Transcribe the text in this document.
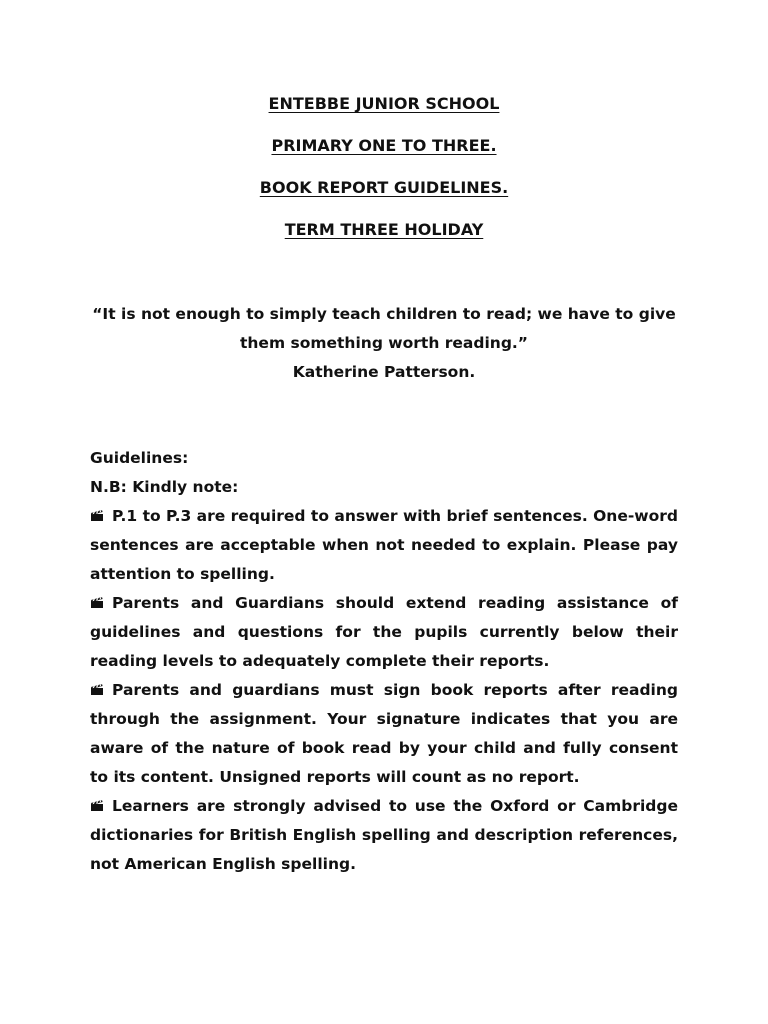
ENTEBBE JUNIOR SCHOOL
PRIMARY ONE TO THREE.
BOOK REPORT GUIDELINES.
TERM THREE HOLIDAY
“It is not enough to simply teach children to read; we have to give
them something worth reading.”
Katherine Patterson.
Guidelines:
N.B: Kindly note:
P.1 to P.3 are required to answer with brief sentences. One-word sentences are acceptable when not needed to explain. Please pay attention to spelling.
Parents and Guardians should extend reading assistance of guidelines and questions for the pupils currently below their reading levels to adequately complete their reports.
Parents and guardians must sign book reports after reading through the assignment. Your signature indicates that you are aware of the nature of book read by your child and fully consent to its content. Unsigned reports will count as no report.
Learners are strongly advised to use the Oxford or Cambridge dictionaries for British English spelling and description references, not American English spelling.
